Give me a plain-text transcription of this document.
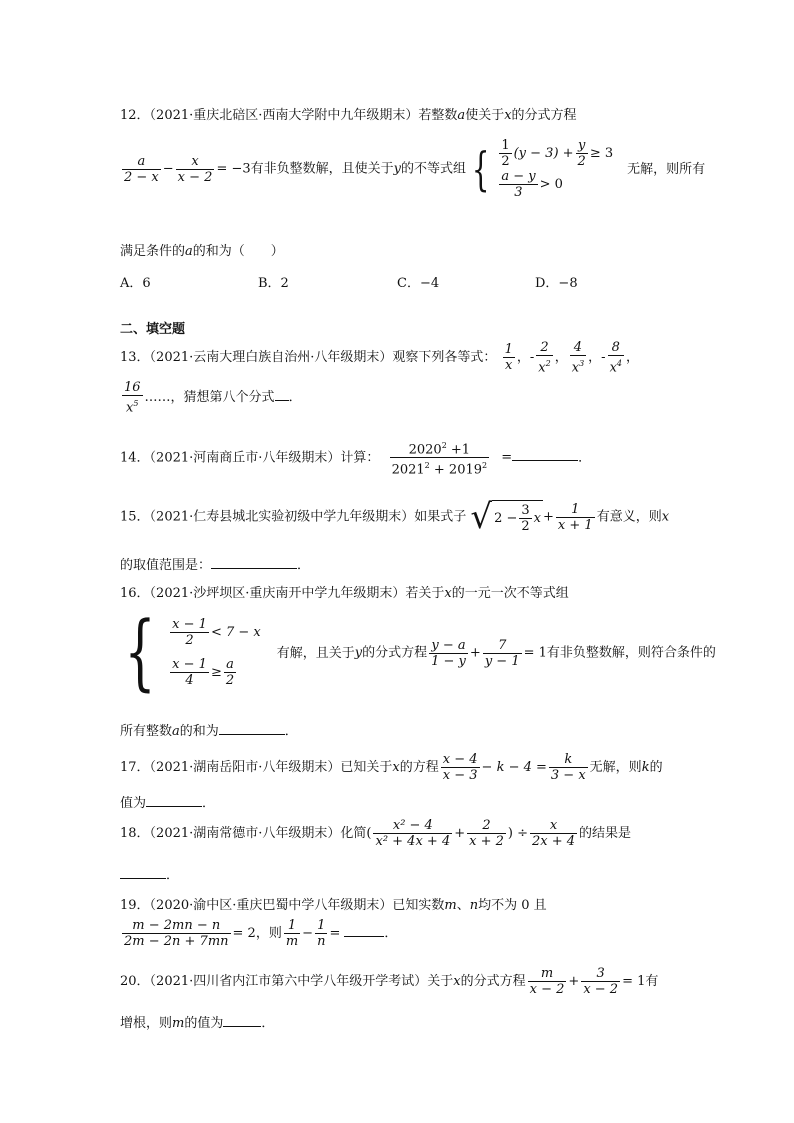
12．（2021·重庆北碚区·西南大学附中九年级期末）若整数a使关于x的分式方程
$\frac{a}{2 - x} - \frac{x}{x - 2} = -3$有非负整数解，且使关于y的不等式组 { $\frac{1}{2} (y - 3) + \frac{y}{2} \ge 3$
$\frac{a - y}{3} > 0$
无解，则所有
满足条件的a的和为（　　）
A．6	B．2	C．−4	D．−8
二、填空题
13．（2021·云南大理白族自治州·八年级期末）观察下列各等式： $\frac{1}{x}$ ，- $\frac{2}{x^2}$ ， $\frac{4}{x^3}$ ，- $\frac{8}{x^4}$ ，
$\frac{16}{x^5}$ ……，猜想第八个分式 ．
14．（2021·河南商丘市·八年级期末）计算： $\frac{2020^2 +1}{2021^2 + 2019^2}$ =	．
15．（2021·仁寿县城北实验初级中学九年级期末）如果式子 √ $2 - \frac{3}{2}$ $x + \frac{1}{x + 1}$ 有意义，则x
的取值范围是：	．
16．（2021·沙坪坝区·重庆南开中学九年级期末）若关于x的一元一次不等式组
{ $\frac{x - 1}{2} < 7 - x$
$\frac{x - 1}{4} \ge \frac{a}{2}$
有解，且关于y的分式方程 $\frac{y - a}{1 - y} + \frac{7}{y - 1} = 1$有非负整数解，则符合条件的
所有整数a的和为	．
17．（2021·湖南岳阳市·八年级期末）已知关于x的方程 $\frac{x - 4}{x - 3} - k - 4 = \frac{k}{3 - x}$ 无解，则k的
值为	．
18．（2021·湖南常德市·八年级期末）化简( $\frac{\text{x² − 4}}{\text{x² + 4x + 4}} + \frac{2}{x + 2}$ ) ÷ $\frac{x}{2x + 4}$ 的结果是
．
19．（2020·渝中区·重庆巴蜀中学八年级期末）已知实数m、n均不为 0 且
$\frac{m - 2mn - n}{2m - 2n + 7mn} = 2$，则 $\frac{1}{m} - \frac{1}{n}$ =	．
20．（2021·四川省内江市第六中学八年级开学考试）关于x的分式方程 $\frac{m}{x - 2} + \frac{3}{x - 2} = 1$有
增根，则m的值为	．
